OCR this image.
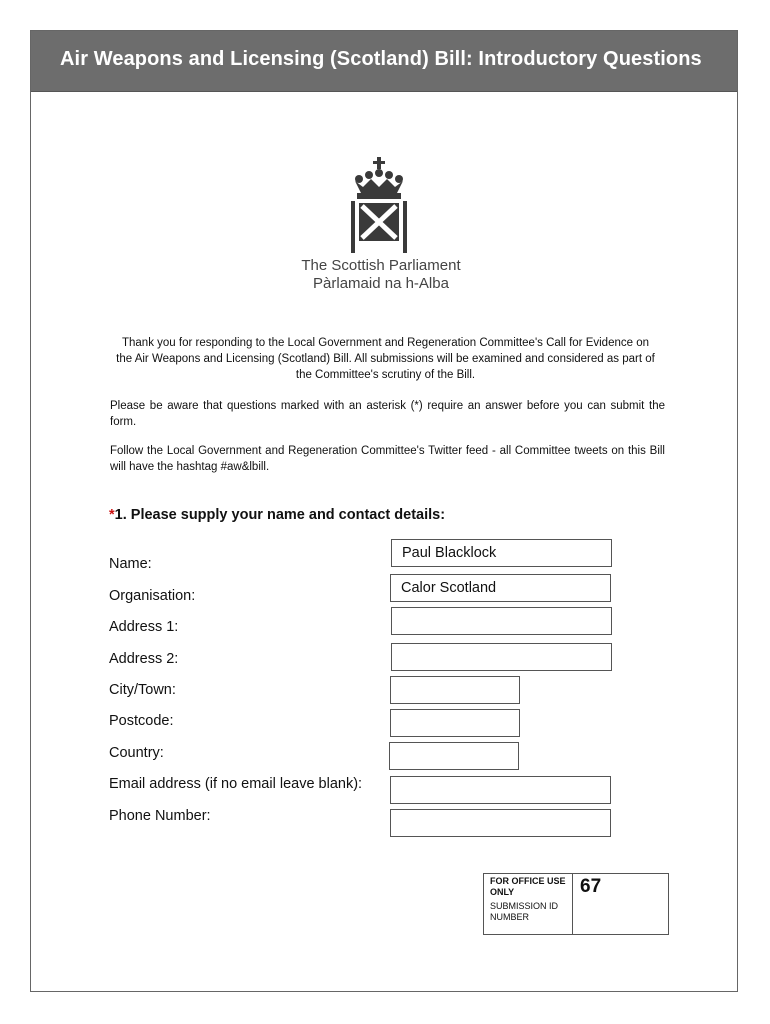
Air Weapons and Licensing (Scotland) Bill: Introductory Questions
The Scottish Parliament
Pàrlamaid na h-Alba
Thank you for responding to the Local Government and Regeneration Committee's Call for Evidence on the Air Weapons and Licensing (Scotland) Bill. All submissions will be examined and considered as part of the Committee's scrutiny of the Bill.
Please be aware that questions marked with an asterisk (*) require an answer before you can submit the form.
Follow the Local Government and Regeneration Committee's Twitter feed - all Committee tweets on this Bill will have the hashtag #aw&lbill.
*1. Please supply your name and contact details:
Name:
Paul Blacklock
Organisation:	Calor Scotland
Address 1:
Address 2:
City/Town:
Postcode:
Country:
Email address (if no email leave blank):
Phone Number:
FOR OFFICE USE ONLY
SUBMISSION ID NUMBER
67
